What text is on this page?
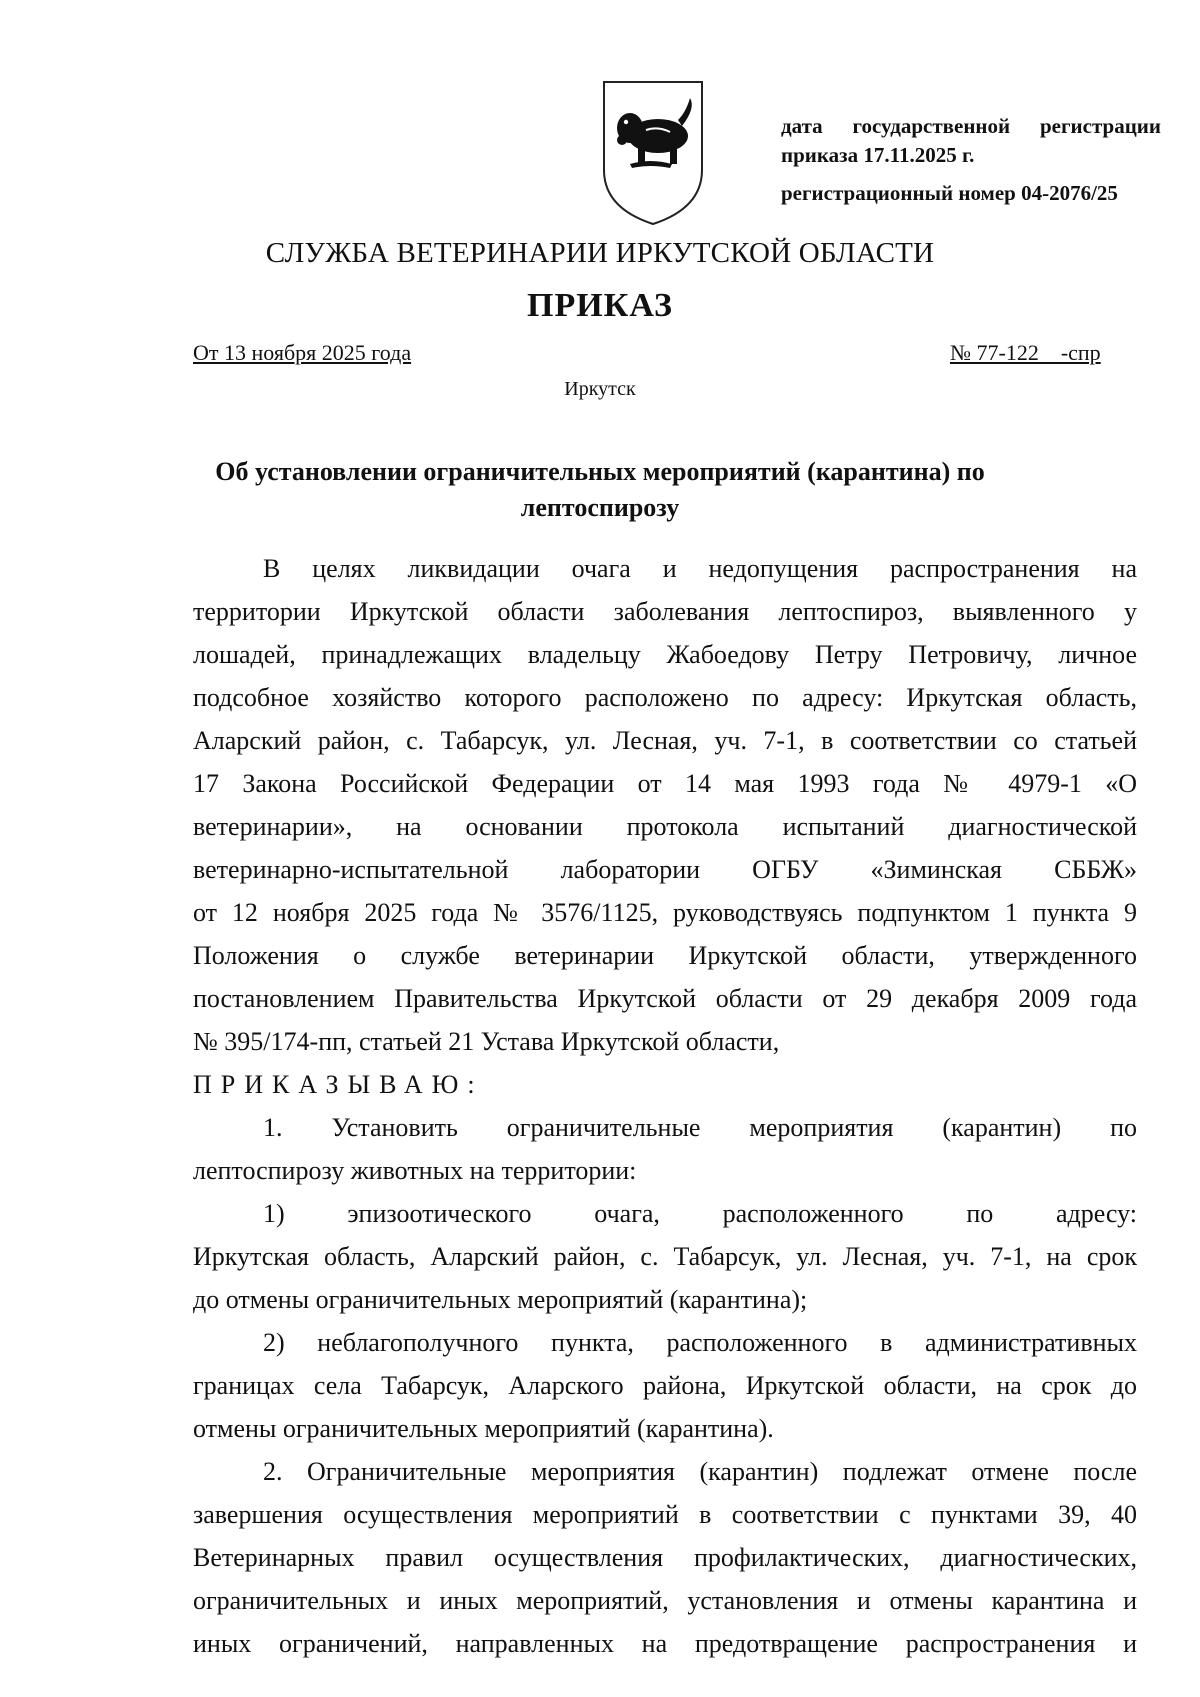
дата государственной регистрации
приказа 17.11.2025 г.
регистрационный номер 04-2076/25
СЛУЖБА ВЕТЕРИНАРИИ ИРКУТСКОЙ ОБЛАСТИ
ПРИКАЗ
От 13 ноября 2025 года	№ 77-122    -спр
Иркутск
Об установлении ограничительных мероприятий (карантина) по
лептоспирозу
В целях ликвидации очага и недопущения распространения на
территории Иркутской области заболевания лептоспироз, выявленного у
лошадей, принадлежащих владельцу Жабоедову Петру Петровичу, личное
подсобное хозяйство которого расположено по адресу: Иркутская область,
Аларский район, с. Табарсук, ул. Лесная, уч. 7-1, в соответствии со статьей
17 Закона Российской Федерации от 14 мая 1993 года № 4979-1 «О
ветеринарии», на основании протокола испытаний диагностической
ветеринарно-испытательной лаборатории ОГБУ «Зиминская СББЖ»
от 12 ноября 2025 года № 3576/1125, руководствуясь подпунктом 1 пункта 9
Положения о службе ветеринарии Иркутской области, утвержденного
постановлением Правительства Иркутской области от 29 декабря 2009 года
№ 395/174-пп, статьей 21 Устава Иркутской области,
ПРИКАЗЫВАЮ:
1. Установить ограничительные мероприятия (карантин) по
лептоспирозу животных на территории:
1) эпизоотического очага, расположенного по адресу:
Иркутская область, Аларский район, с. Табарсук, ул. Лесная, уч. 7-1, на срок
до отмены ограничительных мероприятий (карантина);
2) неблагополучного пункта, расположенного в административных
границах села Табарсук, Аларского района, Иркутской области, на срок до
отмены ограничительных мероприятий (карантина).
2. Ограничительные мероприятия (карантин) подлежат отмене после
завершения осуществления мероприятий в соответствии с пунктами 39, 40
Ветеринарных правил осуществления профилактических, диагностических,
ограничительных и иных мероприятий, установления и отмены карантина и
иных ограничений, направленных на предотвращение распространения и
